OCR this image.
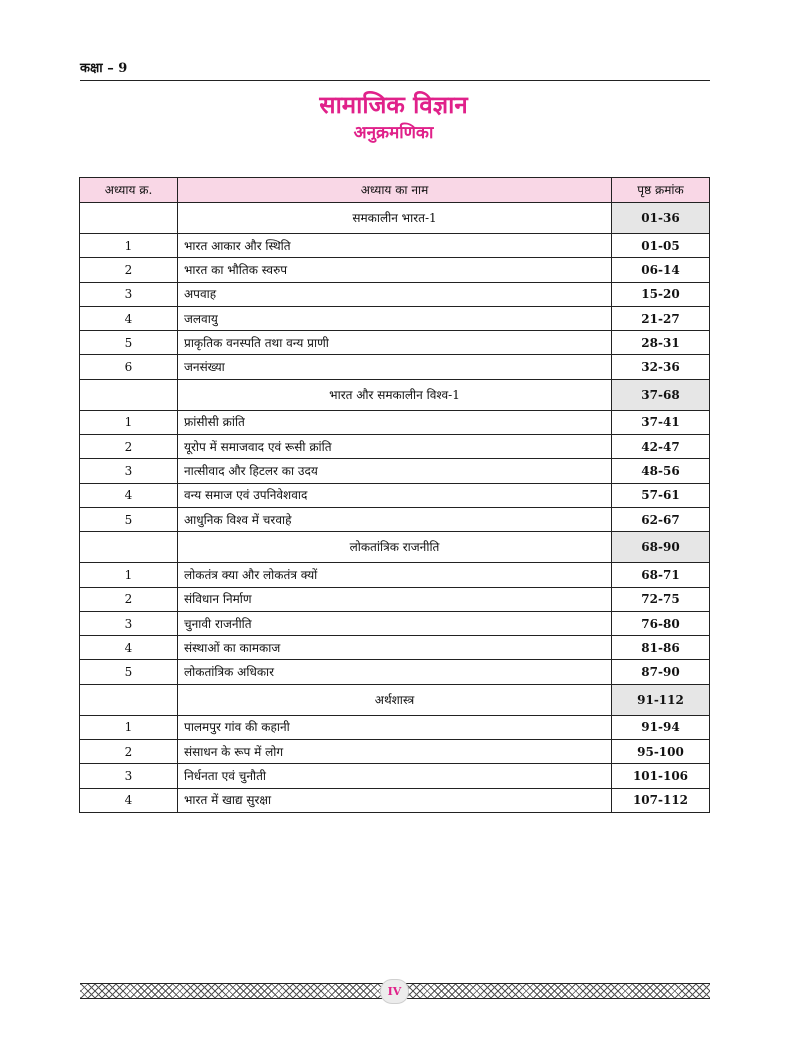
कक्षा – 9
सामाजिक विज्ञान
अनुक्रमणिका
अध्याय क्र.	अध्याय का नाम	पृष्ठ क्रमांक
	समकालीन भारत-1	01-36
1	भारत आकार और स्थिति	01-05
2	भारत का भौतिक स्वरुप	06-14
3	अपवाह	15-20
4	जलवायु	21-27
5	प्राकृतिक वनस्पति तथा वन्य प्राणी	28-31
6	जनसंख्या	32-36
	भारत और समकालीन विश्व-1	37-68
1	फ्रांसीसी क्रांति	37-41
2	यूरोप में समाजवाद एवं रूसी क्रांति	42-47
3	नात्सीवाद और हिटलर का उदय	48-56
4	वन्य समाज एवं उपनिवेशवाद	57-61
5	आधुनिक विश्व में चरवाहे	62-67
	लोकतांत्रिक राजनीति	68-90
1	लोकतंत्र क्या और लोकतंत्र क्यों	68-71
2	संविधान निर्माण	72-75
3	चुनावी राजनीति	76-80
4	संस्थाओं का कामकाज	81-86
5	लोकतांत्रिक अधिकार	87-90
	अर्थशास्त्र	91-112
1	पालमपुर गांव की कहानी	91-94
2	संसाधन के रूप में लोग	95-100
3	निर्धनता एवं चुनौती	101-106
4	भारत में खाद्य सुरक्षा	107-112
IV
